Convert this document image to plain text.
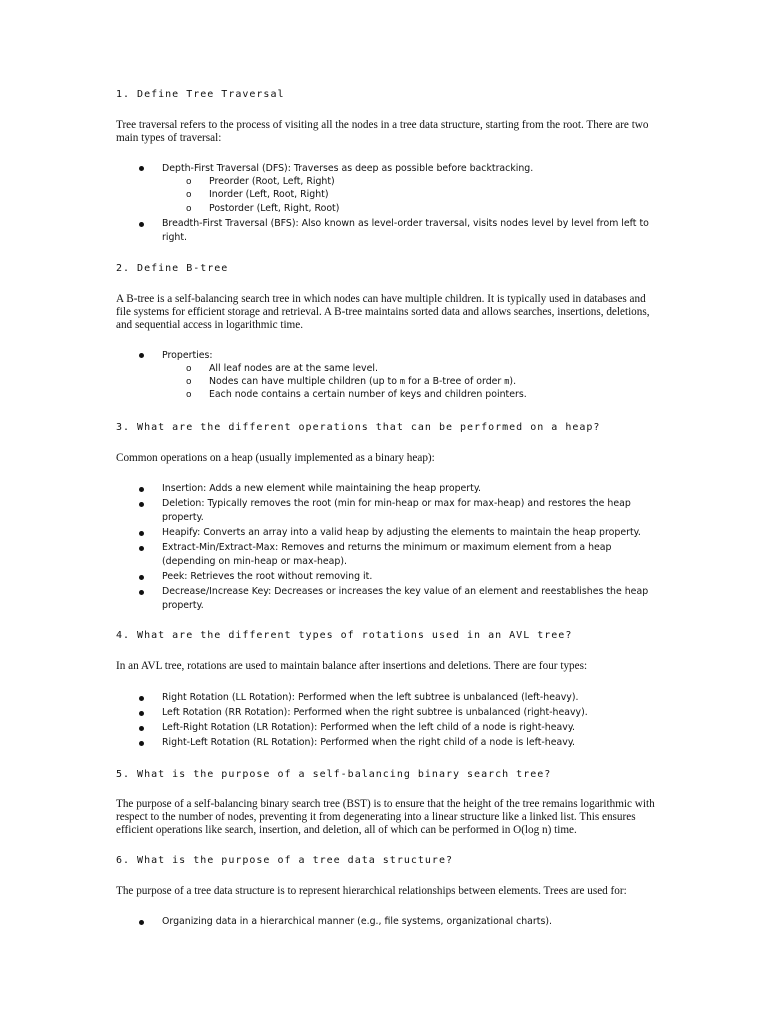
1. Define Tree Traversal
Tree traversal refers to the process of visiting all the nodes in a tree data structure, starting from the root. There are two main types of traversal:
Depth-First Traversal (DFS): Traverses as deep as possible before backtracking.
o Preorder (Root, Left, Right)
o Inorder (Left, Root, Right)
o Postorder (Left, Right, Root)
Breadth-First Traversal (BFS): Also known as level-order traversal, visits nodes level by level from left to right.
2. Define B-tree
A B-tree is a self-balancing search tree in which nodes can have multiple children. It is typically used in databases and file systems for efficient storage and retrieval. A B-tree maintains sorted data and allows searches, insertions, deletions, and sequential access in logarithmic time.
Properties:
o All leaf nodes are at the same level.
o Nodes can have multiple children (up to m for a B-tree of order m).
o Each node contains a certain number of keys and children pointers.
3. What are the different operations that can be performed on a heap?
Common operations on a heap (usually implemented as a binary heap):
Insertion: Adds a new element while maintaining the heap property.
Deletion: Typically removes the root (min for min-heap or max for max-heap) and restores the heap property.
Heapify: Converts an array into a valid heap by adjusting the elements to maintain the heap property.
Extract-Min/Extract-Max: Removes and returns the minimum or maximum element from a heap (depending on min-heap or max-heap).
Peek: Retrieves the root without removing it.
Decrease/Increase Key: Decreases or increases the key value of an element and reestablishes the heap property.
4. What are the different types of rotations used in an AVL tree?
In an AVL tree, rotations are used to maintain balance after insertions and deletions. There are four types:
Right Rotation (LL Rotation): Performed when the left subtree is unbalanced (left-heavy).
Left Rotation (RR Rotation): Performed when the right subtree is unbalanced (right-heavy).
Left-Right Rotation (LR Rotation): Performed when the left child of a node is right-heavy.
Right-Left Rotation (RL Rotation): Performed when the right child of a node is left-heavy.
5. What is the purpose of a self-balancing binary search tree?
The purpose of a self-balancing binary search tree (BST) is to ensure that the height of the tree remains logarithmic with respect to the number of nodes, preventing it from degenerating into a linear structure like a linked list. This ensures efficient operations like search, insertion, and deletion, all of which can be performed in O(log n) time.
6. What is the purpose of a tree data structure?
The purpose of a tree data structure is to represent hierarchical relationships between elements. Trees are used for:
Organizing data in a hierarchical manner (e.g., file systems, organizational charts).
